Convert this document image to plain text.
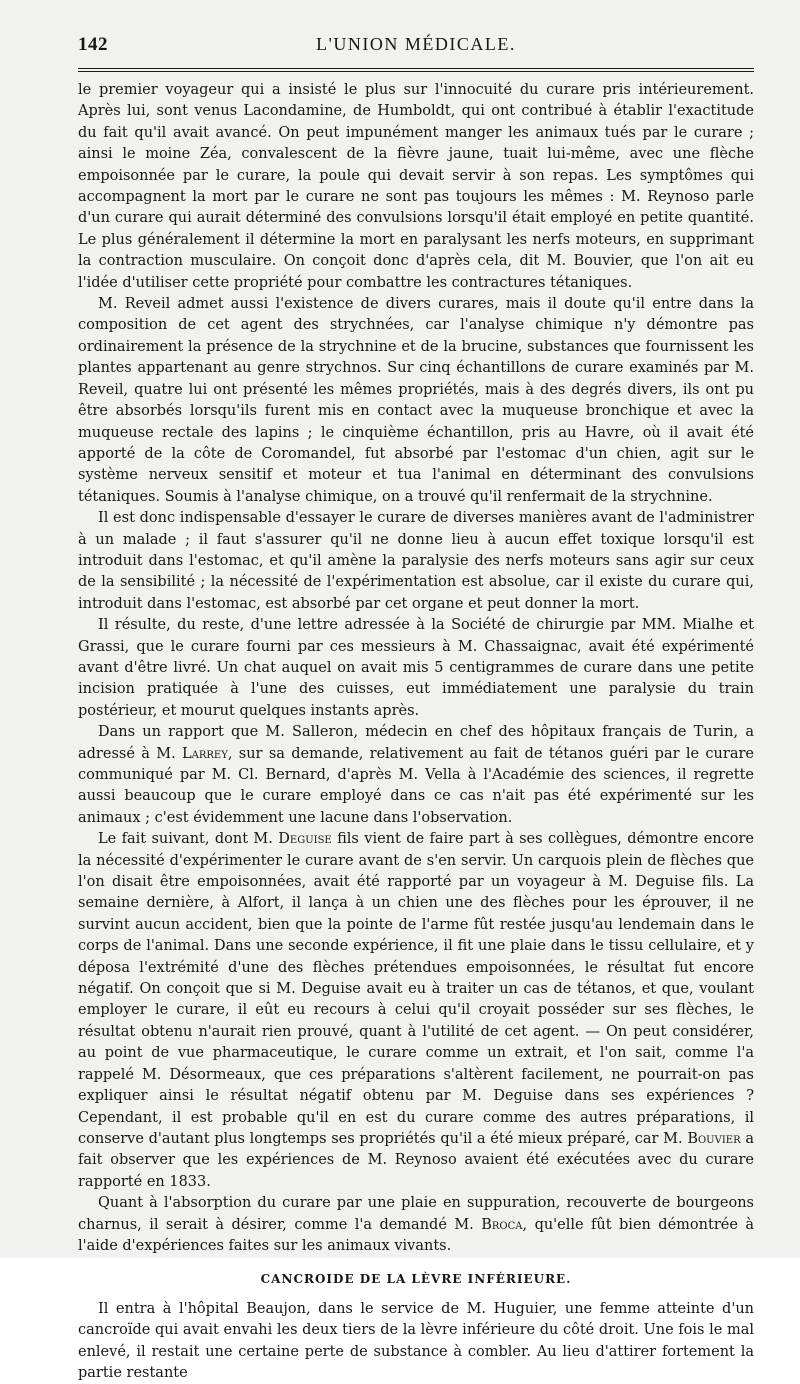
142	L'UNION MÉDICALE.

le premier voyageur qui a insisté le plus sur l'innocuité du curare pris intérieurement. Après lui, sont venus Lacondamine, de Humboldt, qui ont contribué à établir l'exactitude du fait qu'il avait avancé. On peut impunément manger les animaux tués par le curare ; ainsi le moine Zéa, convalescent de la fièvre jaune, tuait lui-même, avec une flèche empoisonnée par le curare, la poule qui devait servir à son repas. Les symptômes qui accompagnent la mort par le curare ne sont pas toujours les mêmes : M. Reynoso parle d'un curare qui aurait déterminé des convulsions lorsqu'il était employé en petite quantité. Le plus généralement il détermine la mort en paralysant les nerfs moteurs, en supprimant la contraction musculaire. On conçoit donc d'après cela, dit M. Bouvier, que l'on ait eu l'idée d'utiliser cette propriété pour combattre les contractures tétaniques.

M. Reveil admet aussi l'existence de divers curares, mais il doute qu'il entre dans la composition de cet agent des strychnées, car l'analyse chimique n'y démontre pas ordinairement la présence de la strychnine et de la brucine, substances que fournissent les plantes appartenant au genre strychnos. Sur cinq échantillons de curare examinés par M. Reveil, quatre lui ont présenté les mêmes propriétés, mais à des degrés divers, ils ont pu être absorbés lorsqu'ils furent mis en contact avec la muqueuse bronchique et avec la muqueuse rectale des lapins ; le cinquième échantillon, pris au Havre, où il avait été apporté de la côte de Coromandel, fut absorbé par l'estomac d'un chien, agit sur le système nerveux sensitif et moteur et tua l'animal en déterminant des convulsions tétaniques. Soumis à l'analyse chimique, on a trouvé qu'il renfermait de la strychnine.

Il est donc indispensable d'essayer le curare de diverses manières avant de l'administrer à un malade ; il faut s'assurer qu'il ne donne lieu à aucun effet toxique lorsqu'il est introduit dans l'estomac, et qu'il amène la paralysie des nerfs moteurs sans agir sur ceux de la sensibilité ; la nécessité de l'expérimentation est absolue, car il existe du curare qui, introduit dans l'estomac, est absorbé par cet organe et peut donner la mort.

Il résulte, du reste, d'une lettre adressée à la Société de chirurgie par MM. Mialhe et Grassi, que le curare fourni par ces messieurs à M. Chassaignac, avait été expérimenté avant d'être livré. Un chat auquel on avait mis 5 centigrammes de curare dans une petite incision pratiquée à l'une des cuisses, eut immédiatement une paralysie du train postérieur, et mourut quelques instants après.

Dans un rapport que M. Salleron, médecin en chef des hôpitaux français de Turin, a adressé à M. Larrey, sur sa demande, relativement au fait de tétanos guéri par le curare communiqué par M. Cl. Bernard, d'après M. Vella à l'Académie des sciences, il regrette aussi beaucoup que le curare employé dans ce cas n'ait pas été expérimenté sur les animaux ; c'est évidemment une lacune dans l'observation.

Le fait suivant, dont M. Deguise fils vient de faire part à ses collègues, démontre encore la nécessité d'expérimenter le curare avant de s'en servir. Un carquois plein de flèches que l'on disait être empoisonnées, avait été rapporté par un voyageur à M. Deguise fils. La semaine dernière, à Alfort, il lança à un chien une des flèches pour les éprouver, il ne survint aucun accident, bien que la pointe de l'arme fût restée jusqu'au lendemain dans le corps de l'animal. Dans une seconde expérience, il fit une plaie dans le tissu cellulaire, et y déposa l'extrémité d'une des flèches prétendues empoisonnées, le résultat fut encore négatif. On conçoit que si M. Deguise avait eu à traiter un cas de tétanos, et que, voulant employer le curare, il eût eu recours à celui qu'il croyait posséder sur ses flèches, le résultat obtenu n'aurait rien prouvé, quant à l'utilité de cet agent. — On peut considérer, au point de vue pharmaceutique, le curare comme un extrait, et l'on sait, comme l'a rappelé M. Désormeaux, que ces préparations s'altèrent facilement, ne pourrait-on pas expliquer ainsi le résultat négatif obtenu par M. Deguise dans ses expériences ? Cependant, il est probable qu'il en est du curare comme des autres préparations, il conserve d'autant plus longtemps ses propriétés qu'il a été mieux préparé, car M. Bouvier a fait observer que les expériences de M. Reynoso avaient été exécutées avec du curare rapporté en 1833.

Quant à l'absorption du curare par une plaie en suppuration, recouverte de bourgeons charnus, il serait à désirer, comme l'a demandé M. Broca, qu'elle fût bien démontrée à l'aide d'expériences faites sur les animaux vivants.

CANCROIDE DE LA LÈVRE INFÉRIEURE.

Il entra à l'hôpital Beaujon, dans le service de M. Huguier, une femme atteinte d'un cancroïde qui avait envahi les deux tiers de la lèvre inférieure du côté droit. Une fois le mal enlevé, il restait une certaine perte de substance à combler. Au lieu d'attirer fortement la partie restante
